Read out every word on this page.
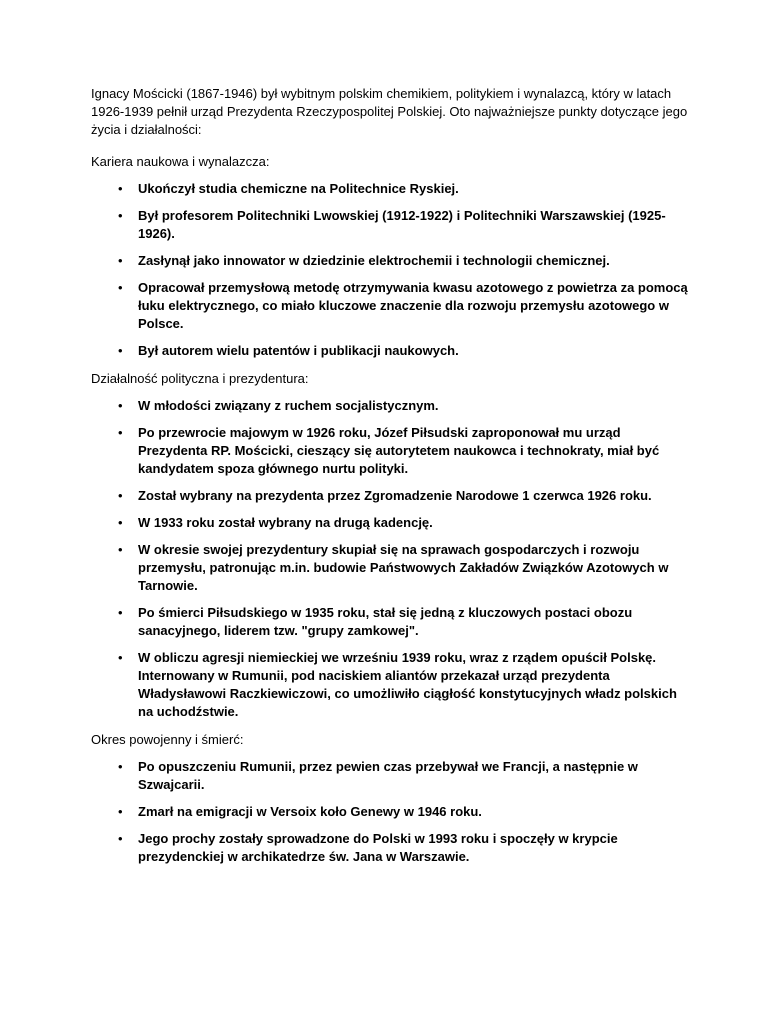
Ignacy Mościcki (1867-1946) był wybitnym polskim chemikiem, politykiem i wynalazcą, który w latach 1926-1939 pełnił urząd Prezydenta Rzeczypospolitej Polskiej. Oto najważniejsze punkty dotyczące jego życia i działalności:

Kariera naukowa i wynalazcza:

• Ukończył studia chemiczne na Politechnice Ryskiej.
• Był profesorem Politechniki Lwowskiej (1912-1922) i Politechniki Warszawskiej (1925-1926).
• Zasłynął jako innowator w dziedzinie elektrochemii i technologii chemicznej.
• Opracował przemysłową metodę otrzymywania kwasu azotowego z powietrza za pomocą łuku elektrycznego, co miało kluczowe znaczenie dla rozwoju przemysłu azotowego w Polsce.
• Był autorem wielu patentów i publikacji naukowych.

Działalność polityczna i prezydentura:

• W młodości związany z ruchem socjalistycznym.
• Po przewrocie majowym w 1926 roku, Józef Piłsudski zaproponował mu urząd Prezydenta RP. Mościcki, cieszący się autorytetem naukowca i technokraty, miał być kandydatem spoza głównego nurtu polityki.
• Został wybrany na prezydenta przez Zgromadzenie Narodowe 1 czerwca 1926 roku.
• W 1933 roku został wybrany na drugą kadencję.
• W okresie swojej prezydentury skupiał się na sprawach gospodarczych i rozwoju przemysłu, patronując m.in. budowie Państwowych Zakładów Związków Azotowych w Tarnowie.
• Po śmierci Piłsudskiego w 1935 roku, stał się jedną z kluczowych postaci obozu sanacyjnego, liderem tzw. "grupy zamkowej".
• W obliczu agresji niemieckiej we wrześniu 1939 roku, wraz z rządem opuścił Polskę. Internowany w Rumunii, pod naciskiem aliantów przekazał urząd prezydenta Władysławowi Raczkiewiczowi, co umożliwiło ciągłość konstytucyjnych władz polskich na uchodźstwie.

Okres powojenny i śmierć:

• Po opuszczeniu Rumunii, przez pewien czas przebywał we Francji, a następnie w Szwajcarii.
• Zmarł na emigracji w Versoix koło Genewy w 1946 roku.
• Jego prochy zostały sprowadzone do Polski w 1993 roku i spoczęły w krypcie prezydenckiej w archikatedrze św. Jana w Warszawie.
